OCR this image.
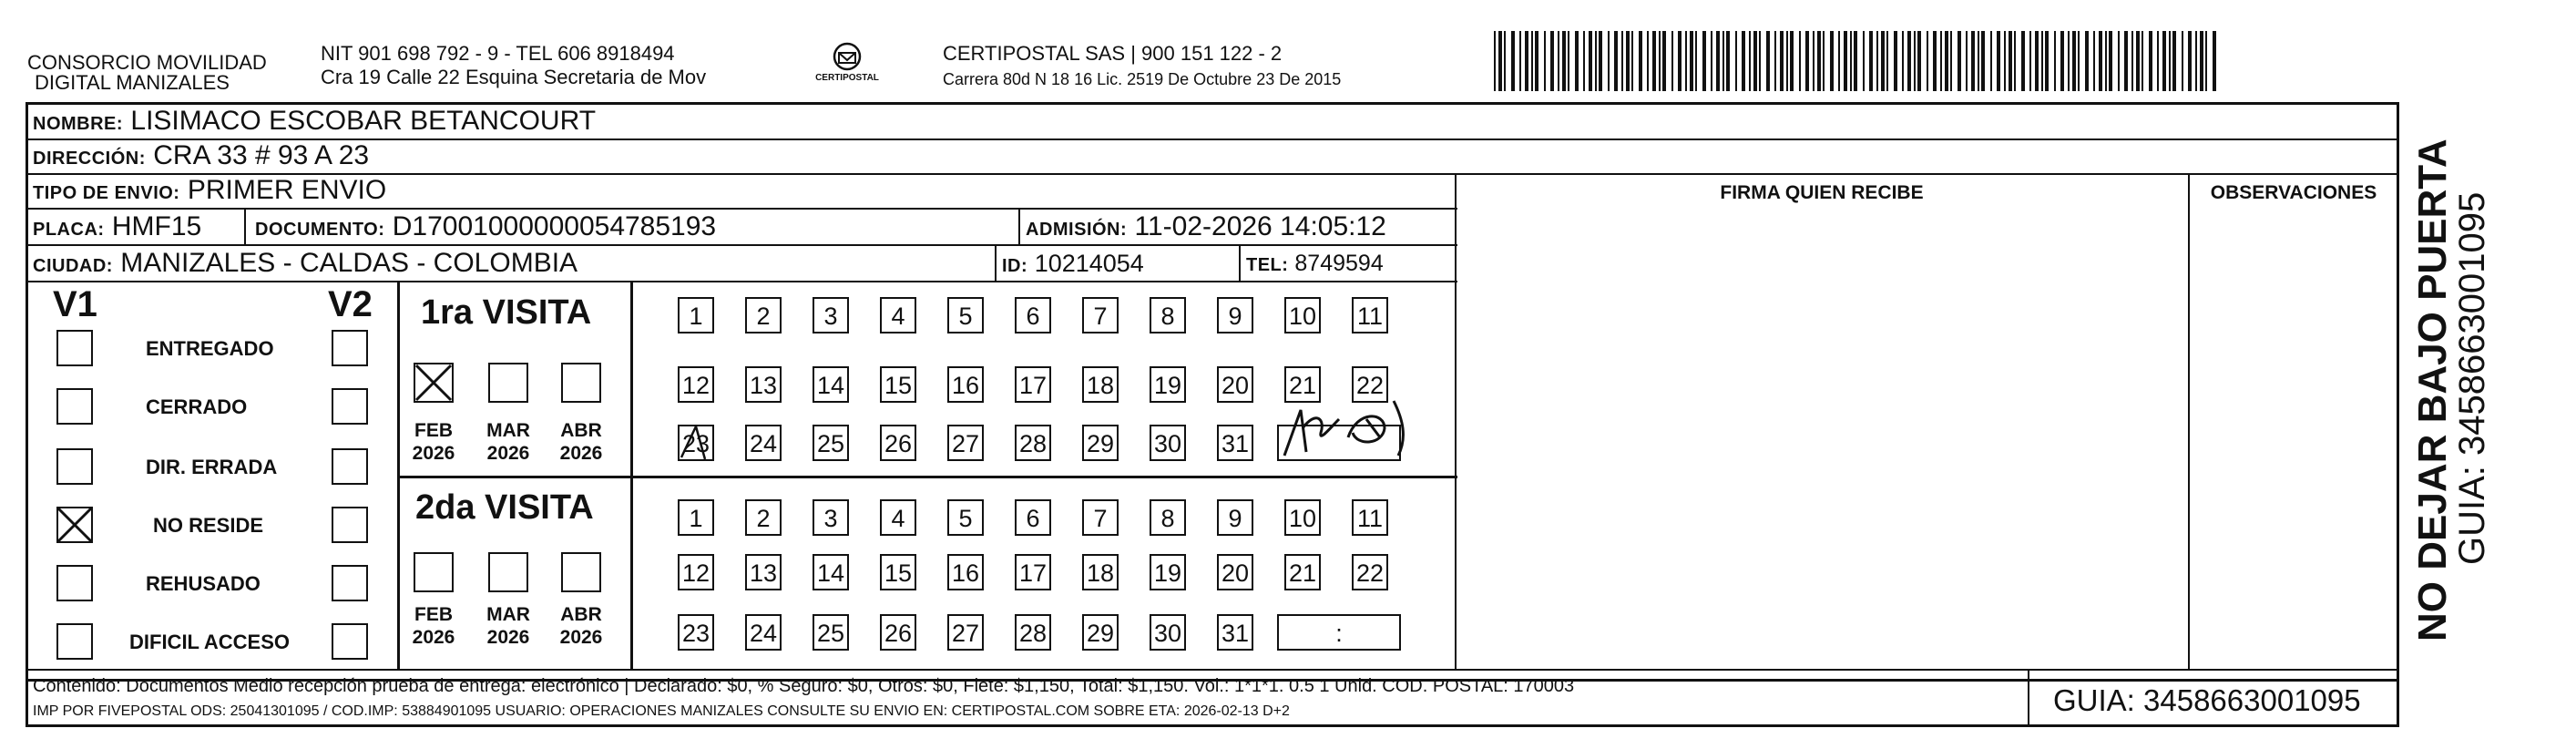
CONSORCIO MOVILIDAD
DIGITAL MANIZALES
NIT 901 698 792 - 9 - TEL 606 8918494
Cra 19 Calle 22 Esquina Secretaria de Mov	CERTIPOSTAL
CERTIPOSTAL SAS | 900 151 122 - 2
Carrera 80d N 18 16 Lic. 2519 De Octubre 23 De 2015
NOMBRE: LISIMACO ESCOBAR BETANCOURT
DIRECCIÓN: CRA 33 # 93 A 23
TIPO DE ENVIO: PRIMER ENVIO	FIRMA QUIEN RECIBE	OBSERVACIONES
PLACA: HMF15	DOCUMENTO: D17001000000054785193	ADMISIÓN: 11-02-2026 14:05:12
CIUDAD: MANIZALES - CALDAS - COLOMBIA	ID: 10214054	TEL: 8749594
V1	V2
ENTREGADO
CERRADO
DIR. ERRADA
NO RESIDE
REHUSADO
DIFICIL ACCESO
1ra VISITA
2da VISITA
FEB
2026
MAR
2026
ABR
2026
FEB
2026
MAR
2026
ABR
2026
1	2	3	4	5	6	7	8	9	10 11
12 13 14 15 16 17 18 19 20 21 22
23 24 25 26 27 28 29 30 31
1	2	3	4	5	6	7	8	9	10 11
12 13 14 15 16 17 18 19 20 21 22
23 24 25 26 27 28 29 30 31	:
Contenido: Documentos Medio recepción prueba de entrega: electrónico | Declarado: $0, % Seguro: $0, Otros: $0, Flete: $1,150, Total: $1,150. Vol.: 1*1*1. 0.5 1 Unid. COD. POSTAL: 170003
IMP POR FIVEPOSTAL ODS: 25041301095 / COD.IMP: 53884901095 USUARIO: OPERACIONES MANIZALES CONSULTE SU ENVIO EN: CERTIPOSTAL.COM SOBRE ETA: 2026-02-13 D+2	GUIA: 3458663001095
NO DEJAR BAJO PUERTA
GUIA: 3458663001095
